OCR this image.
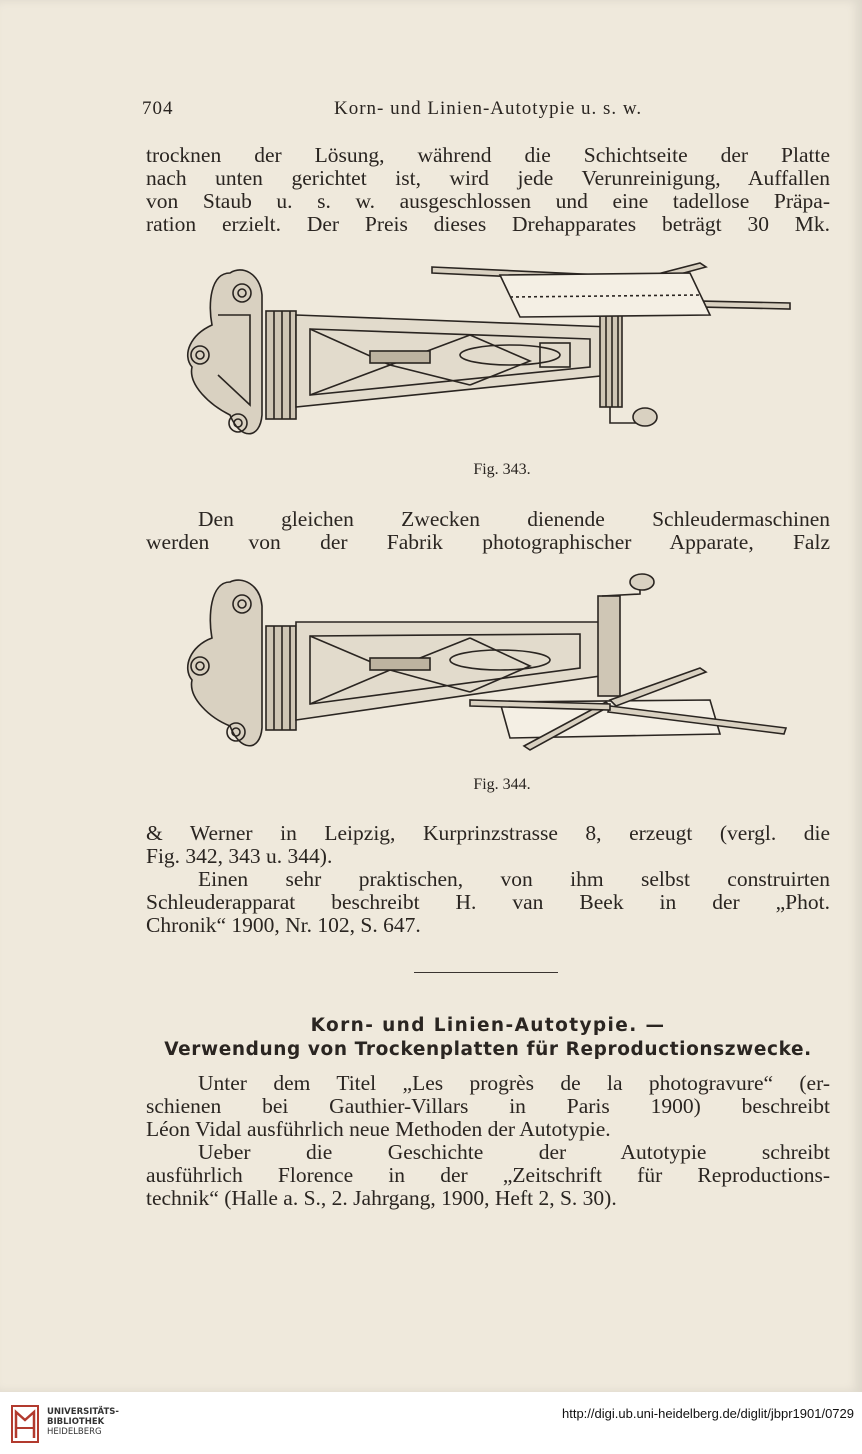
704	Korn- und Linien-Autotypie u. s. w.
trocknen der Lösung, während die Schichtseite der Platte
nach unten gerichtet ist, wird jede Verunreinigung, Auffallen
von Staub u. s. w. ausgeschlossen und eine tadellose Präpa-
ration erzielt. Der Preis dieses Drehapparates beträgt 30 Mk.
Fig. 343.
Den gleichen Zwecken dienende Schleudermaschinen
werden von der Fabrik photographischer Apparate, Falz
Fig. 344.
& Werner in Leipzig, Kurprinzstrasse 8, erzeugt (vergl. die
Fig. 342, 343 u. 344).
Einen sehr praktischen, von ihm selbst construirten
Schleuderapparat beschreibt H. van Beek in der „Phot.
Chronik“ 1900, Nr. 102, S. 647.
Korn- und Linien-Autotypie. —
Verwendung von Trockenplatten für Reproductionszwecke.
Unter dem Titel „Les progrès de la photogravure“ (er-
schienen bei Gauthier-Villars in Paris 1900) beschreibt
Léon Vidal ausführlich neue Methoden der Autotypie.
Ueber die Geschichte der Autotypie schreibt
ausführlich Florence in der „Zeitschrift für Reproductions-
technik“ (Halle a. S., 2. Jahrgang, 1900, Heft 2, S. 30).
UNIVERSITÄTS-
BIBLIOTHEK
HEIDELBERG
http://digi.ub.uni-heidelberg.de/diglit/jbpr1901/0729
